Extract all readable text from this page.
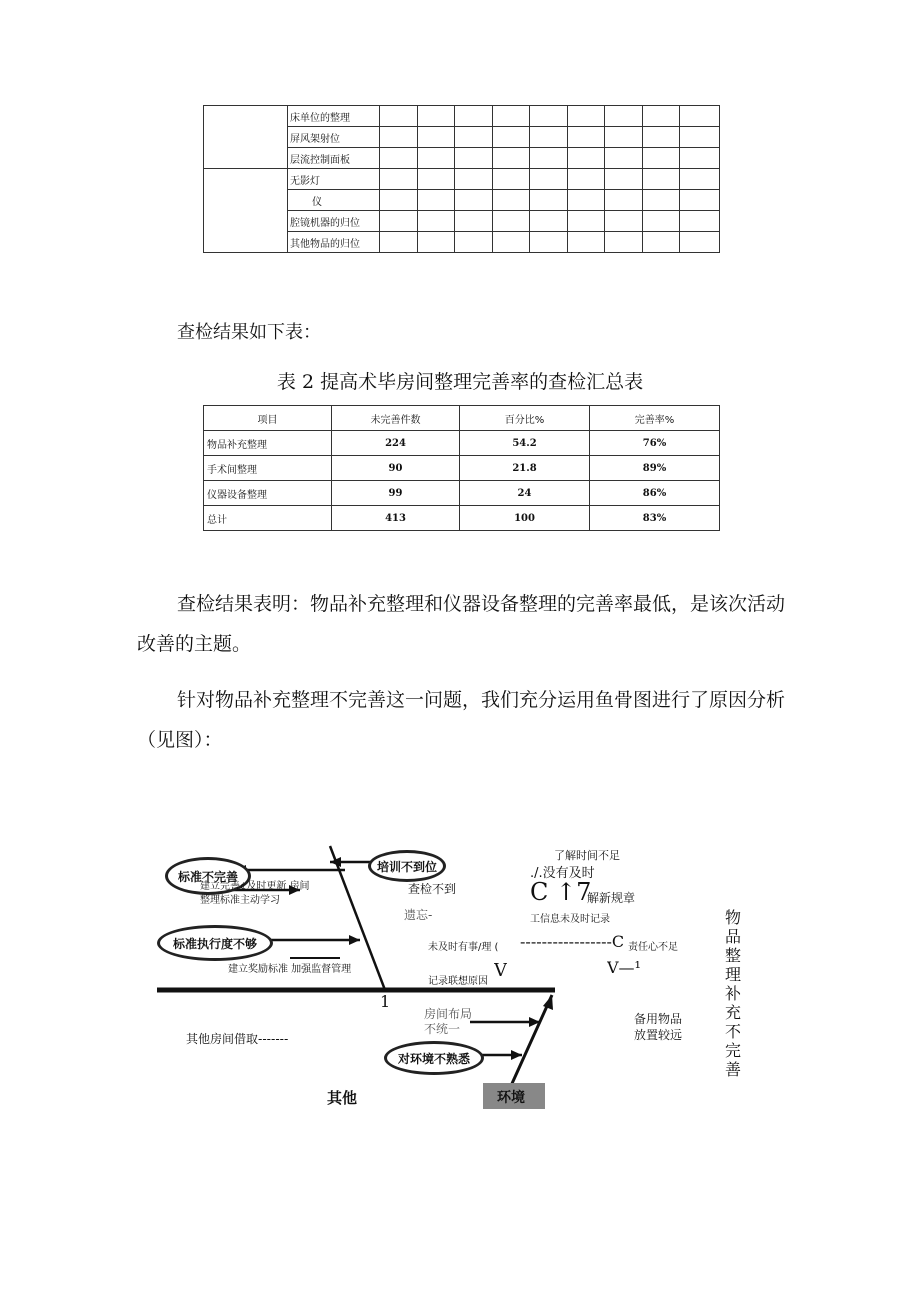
	床单位的整理									
	屏风架射位									
	层流控制面板									
	无影灯									
	仪									
	腔镜机器的归位									
	其他物品的归位									
查检结果如下表：
表 2 提高术毕房间整理完善率的查检汇总表
项目	未完善件数	百分比%	完善率%
物品补充整理	224	54.2	76%
手术间整理	90	21.8	89%
仪器设备整理	99	24	86%
总计	413	100	83%
查检结果表明：物品补充整理和仪器设备整理的完善率最低，是该次活动改善的主题。
针对物品补充整理不完善这一问题，我们充分运用鱼骨图进行了原因分析（见图）：
标准不完善
标准执行度不够
培训不到位
对环境不熟悉
建立完善¢及时更新 房间
整理标准主动学习
建立奖励标准 加强监督管理
查检不到
遗忘-
了解时间不足
./.没有及时
C ↑7
解新规章
工信息未及时记录
未及时有事/理 ( -----------------C 责任心不足
记录联想原因
V	V—¹
1
房间布局
不统一
备用物品
放置较远
其他房间借取-------
其他	环境
物品整理补充不完善
